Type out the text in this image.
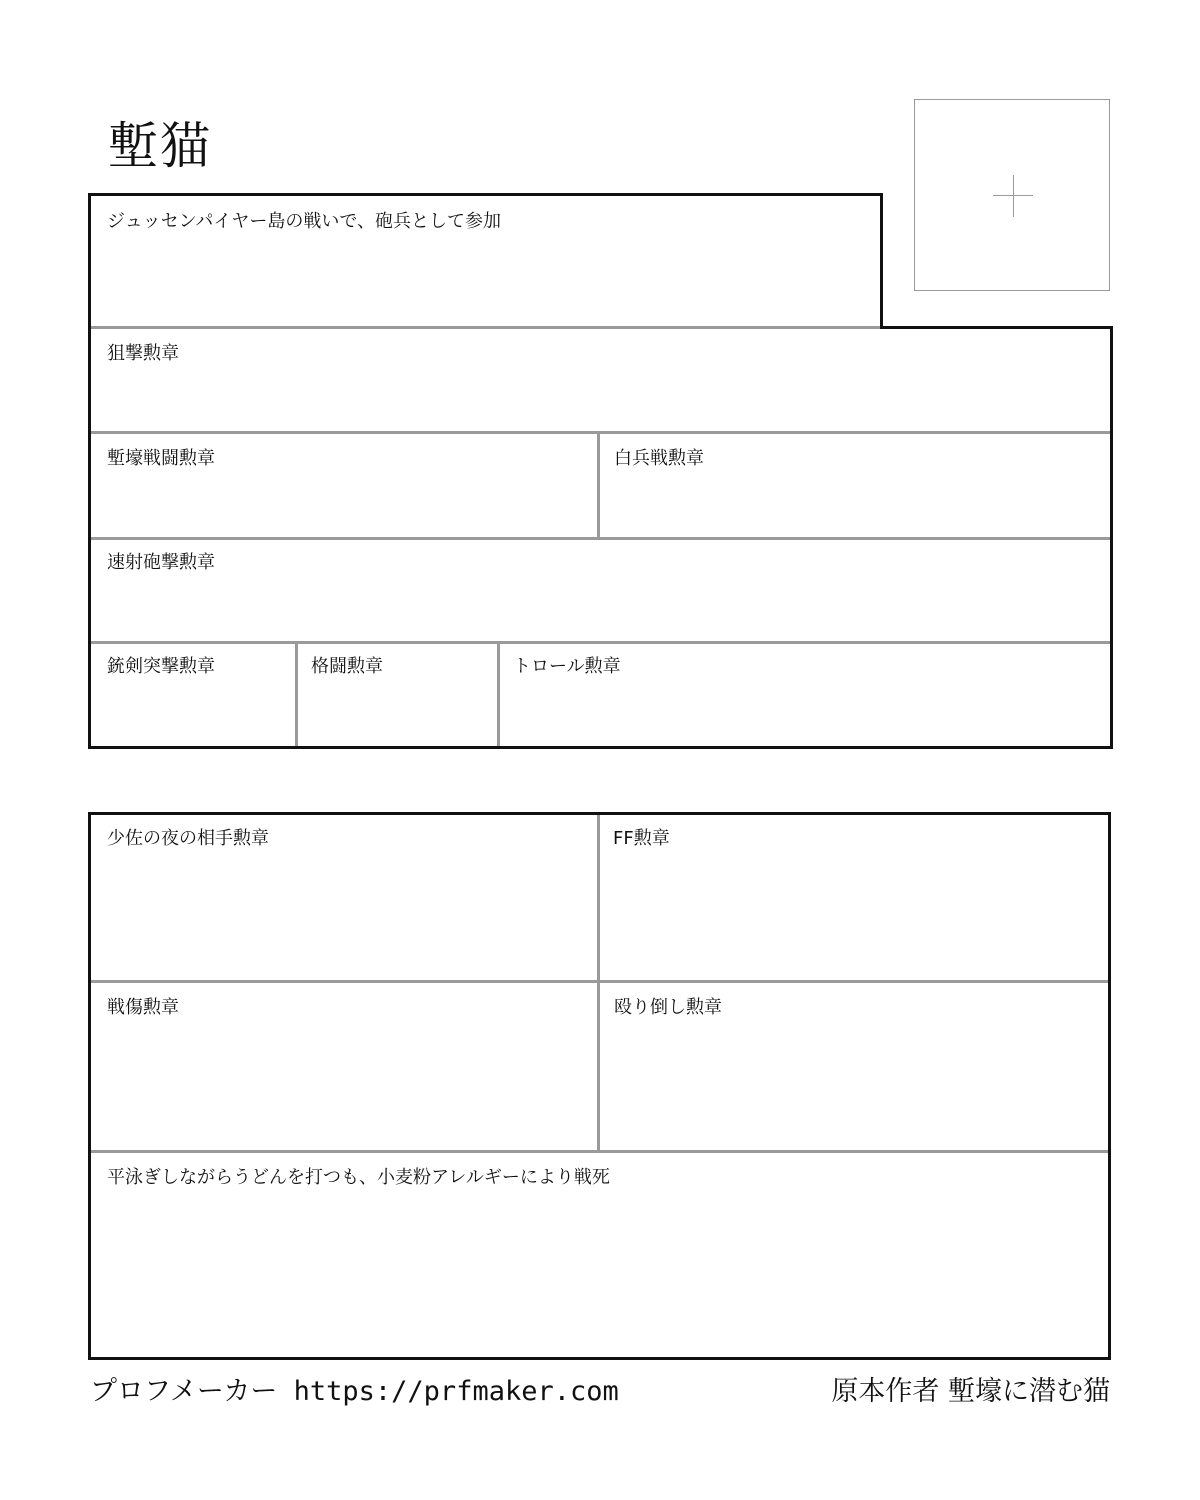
塹猫
ジュッセンパイヤー島の戦いで、砲兵として参加
狙撃勲章
塹壕戦闘勲章	白兵戦勲章
速射砲撃勲章
銃剣突撃勲章	格闘勲章	トロール勲章
少佐の夜の相手勲章	FF勲章
戦傷勲章	殴り倒し勲章
平泳ぎしながらうどんを打つも、小麦粉アレルギーにより戦死
プロフメーカー https://prfmaker.com	原本作者 塹壕に潜む猫
